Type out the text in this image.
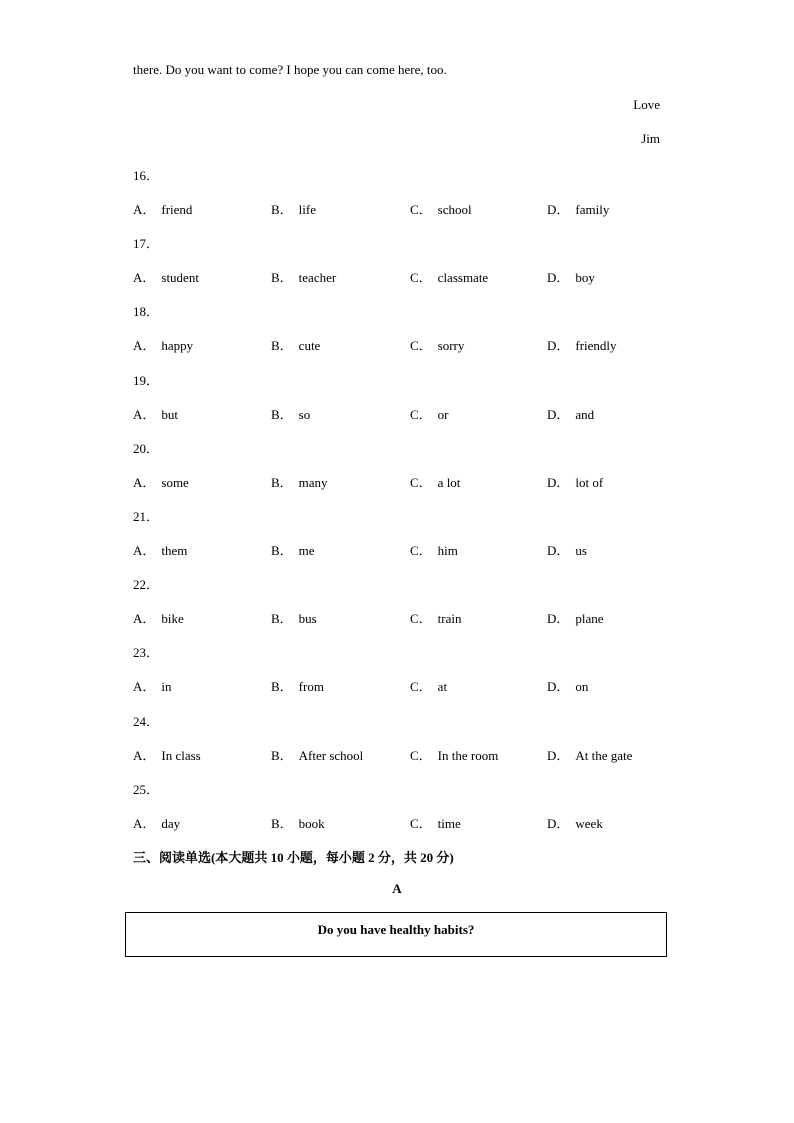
there. Do you want to come? I hope you can come here, too.
Love
Jim
16．
A． friend	B． life	C． school	D． family
17．
A． student	B． teacher	C． classmate	D． boy
18．
A． happy	B． cute	C． sorry	D． friendly
19．
A． but	B． so	C． or	D． and
20．
A． some	B． many	C． a lot	D． lot of
21．
A． them	B． me	C． him	D． us
22．
A． bike	B． bus	C． train	D． plane
23．
A． in	B． from	C． at	D． on
24．
A． In class	B． After school	C． In the room	D． At the gate
25．
A． day	B． book	C． time	D． week
三、阅读单选(本大题共 10 小题，每小题 2 分，共 20 分)
A
Do you have healthy habits?
